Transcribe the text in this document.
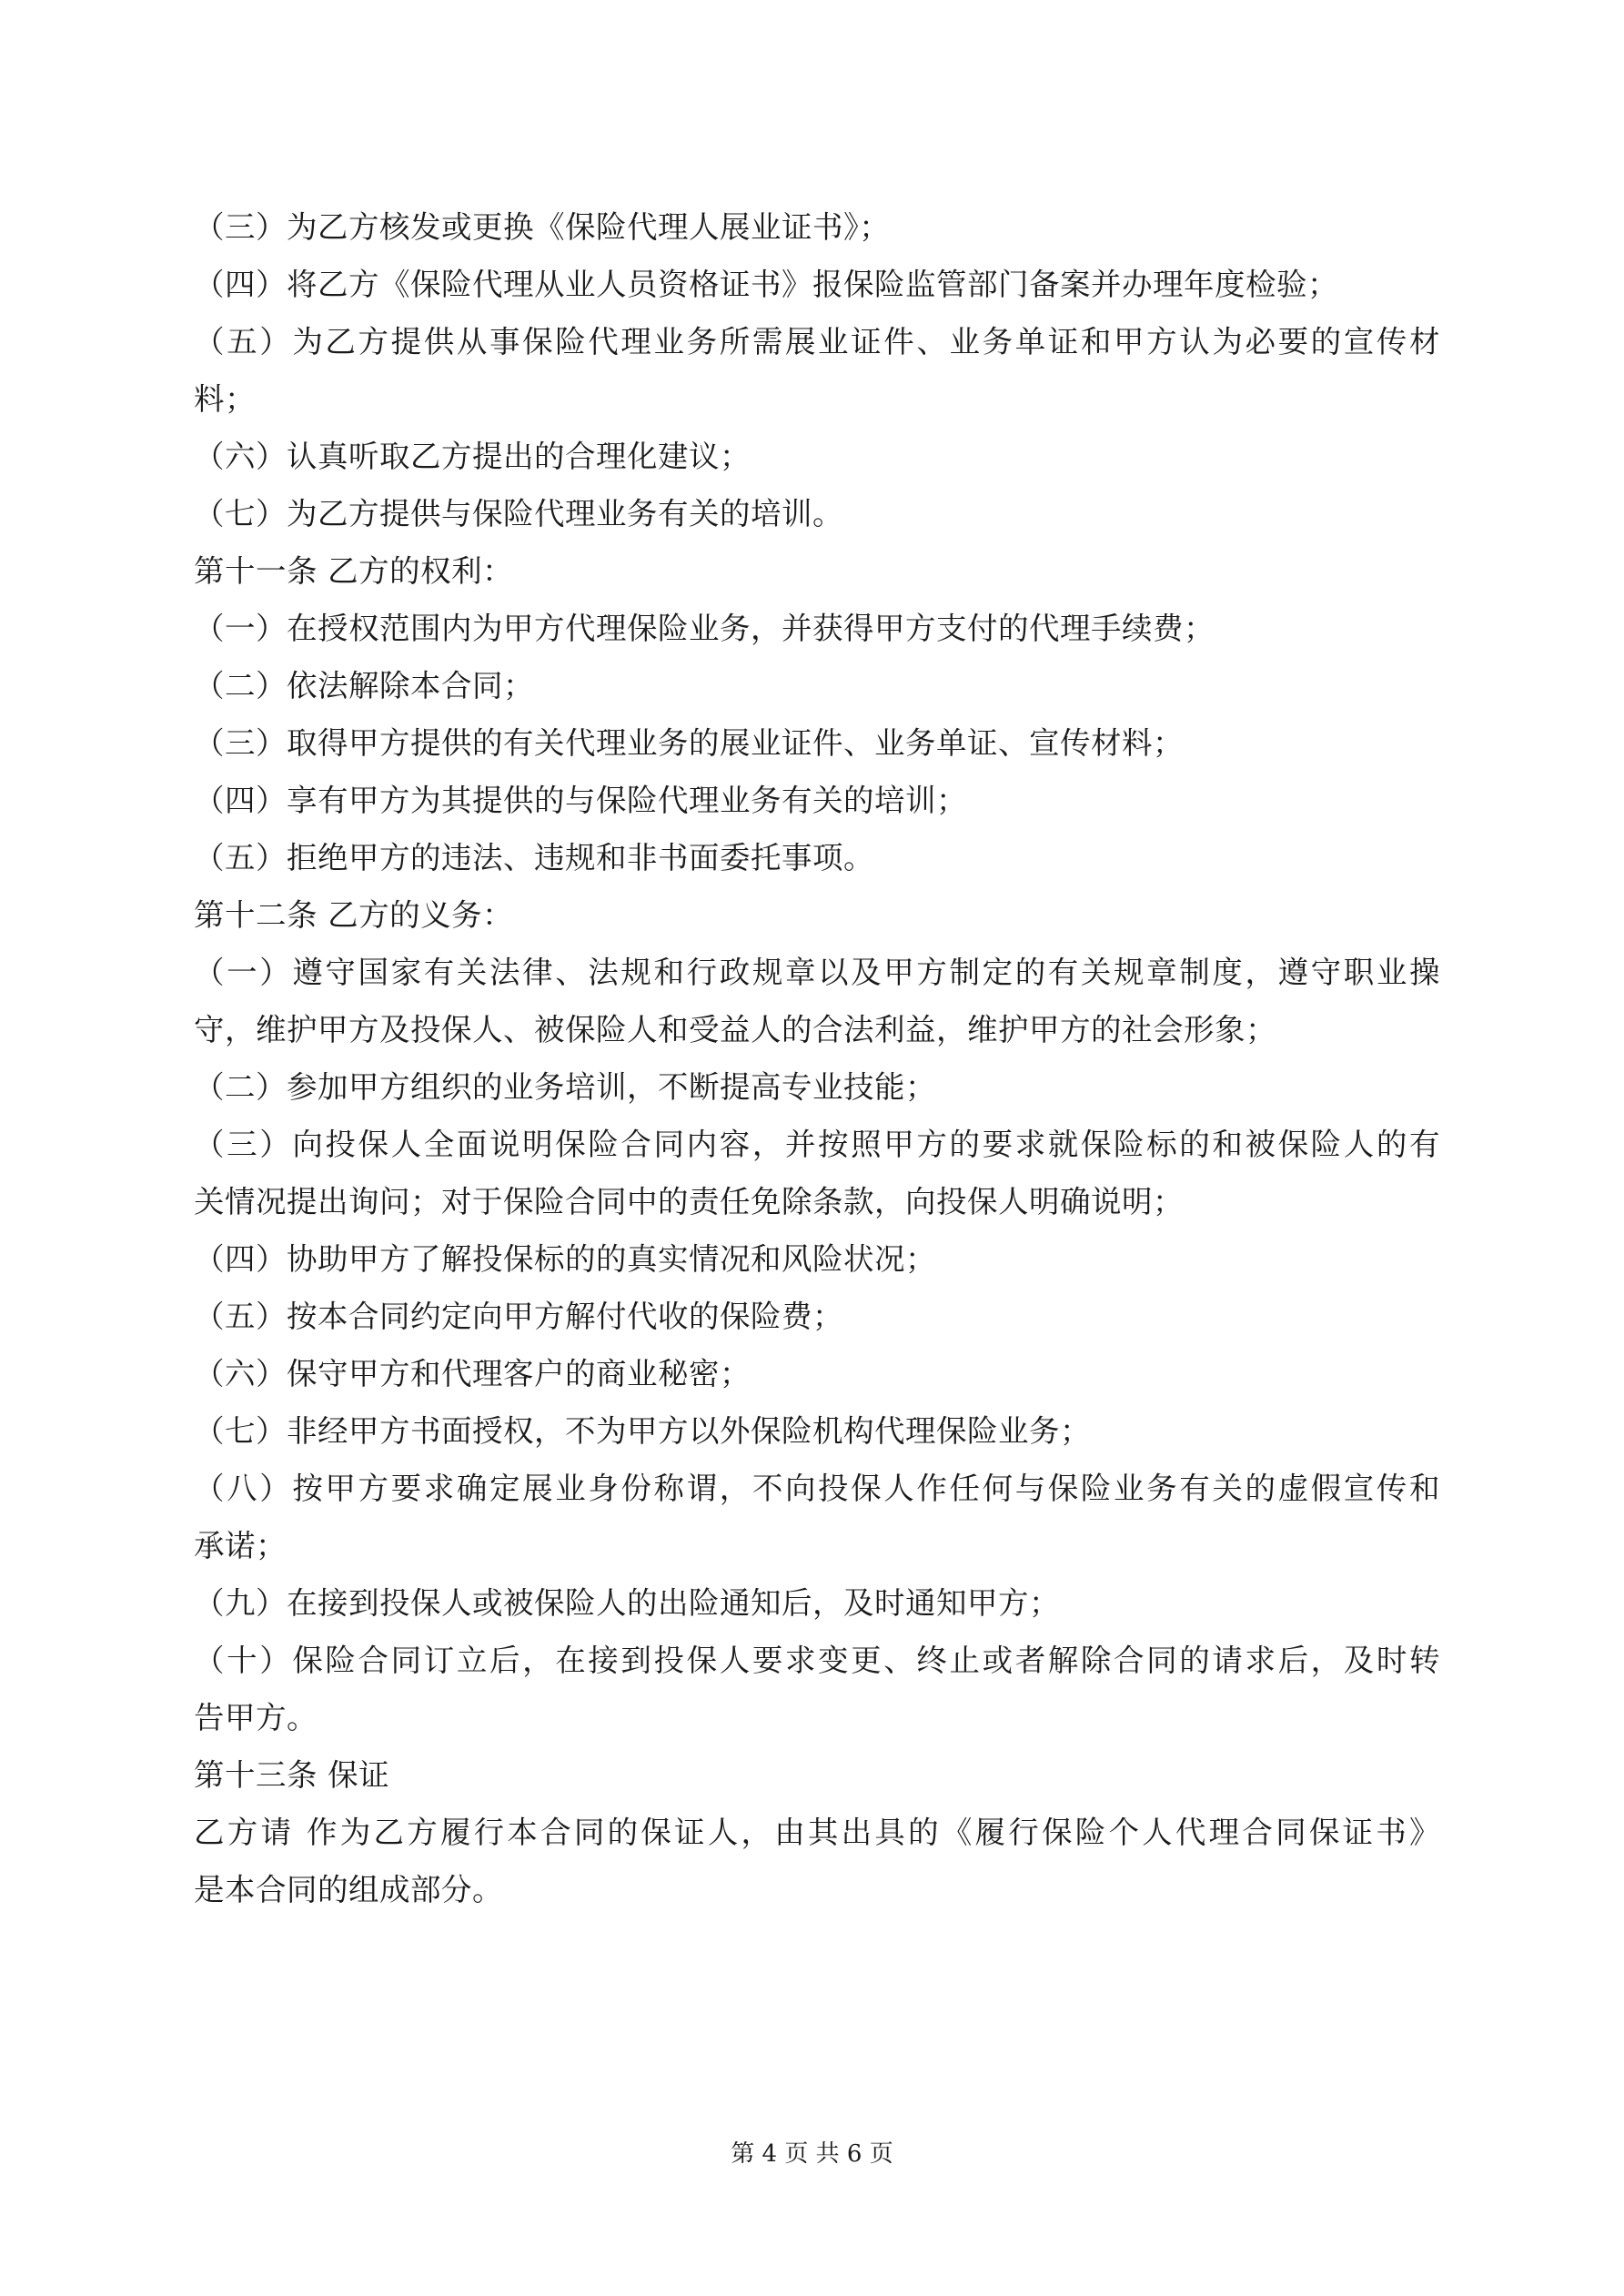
（三）为乙方核发或更换《保险代理人展业证书》；
（四）将乙方《保险代理从业人员资格证书》报保险监管部门备案并办理年度检验；
（五）为乙方提供从事保险代理业务所需展业证件、业务单证和甲方认为必要的宣传材
料；
（六）认真听取乙方提出的合理化建议；
（七）为乙方提供与保险代理业务有关的培训。
第十一条 乙方的权利：
（一）在授权范围内为甲方代理保险业务，并获得甲方支付的代理手续费；
（二）依法解除本合同；
（三）取得甲方提供的有关代理业务的展业证件、业务单证、宣传材料；
（四）享有甲方为其提供的与保险代理业务有关的培训；
（五）拒绝甲方的违法、违规和非书面委托事项。
第十二条 乙方的义务：
（一）遵守国家有关法律、法规和行政规章以及甲方制定的有关规章制度，遵守职业操
守，维护甲方及投保人、被保险人和受益人的合法利益，维护甲方的社会形象；
（二）参加甲方组织的业务培训，不断提高专业技能；
（三）向投保人全面说明保险合同内容，并按照甲方的要求就保险标的和被保险人的有
关情况提出询问；对于保险合同中的责任免除条款，向投保人明确说明；
（四）协助甲方了解投保标的的真实情况和风险状况；
（五）按本合同约定向甲方解付代收的保险费；
（六）保守甲方和代理客户的商业秘密；
（七）非经甲方书面授权，不为甲方以外保险机构代理保险业务；
（八）按甲方要求确定展业身份称谓，不向投保人作任何与保险业务有关的虚假宣传和
承诺；
（九）在接到投保人或被保险人的出险通知后，及时通知甲方；
（十）保险合同订立后，在接到投保人要求变更、终止或者解除合同的请求后，及时转
告甲方。
第十三条 保证
乙方请 作为乙方履行本合同的保证人，由其出具的《履行保险个人代理合同保证书》
是本合同的组成部分。
第 4 页 共 6 页
